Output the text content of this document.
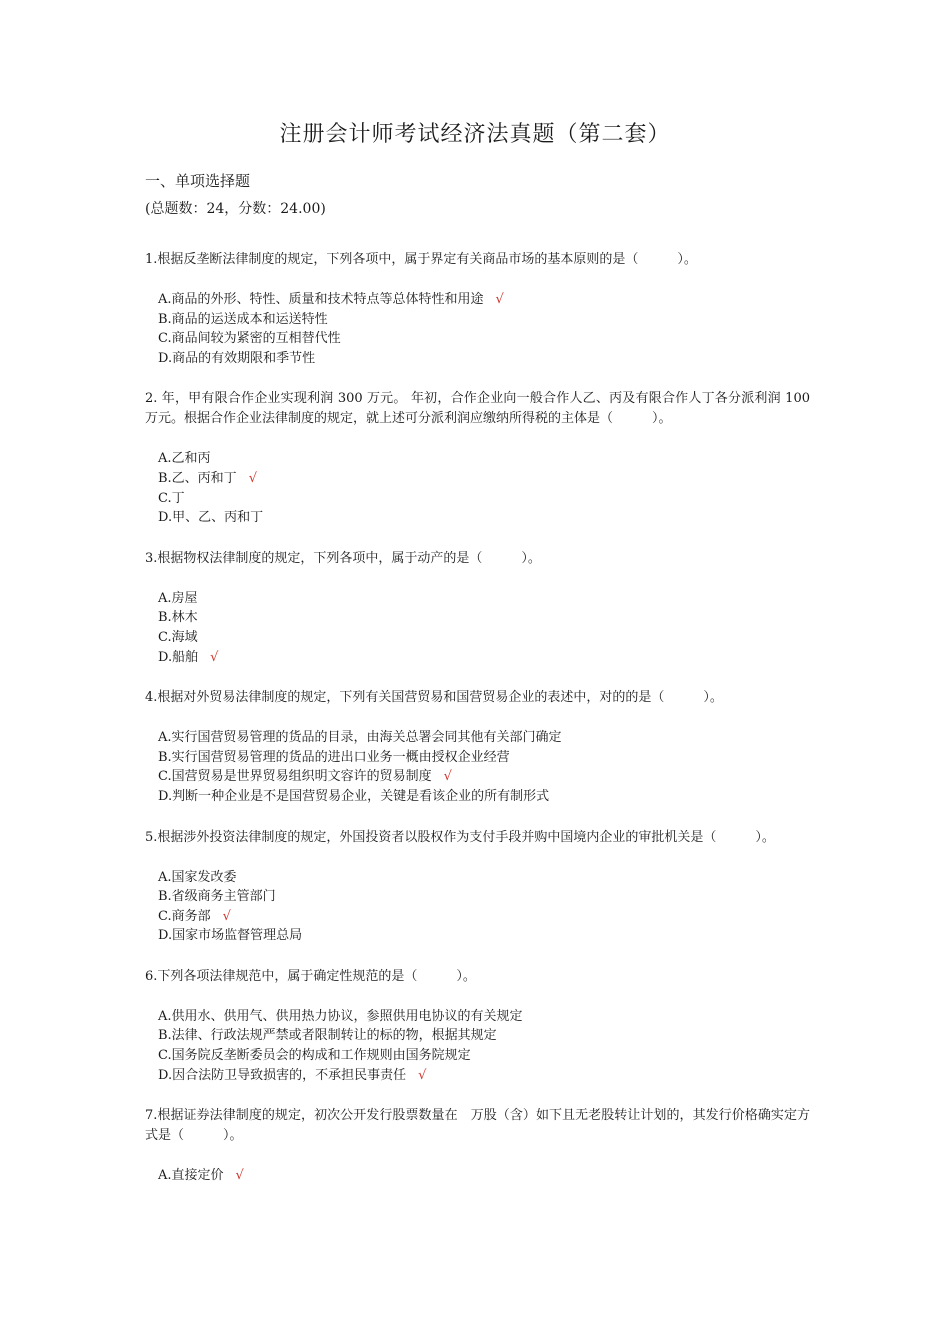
注册会计师考试经济法真题（第二套）
一、单项选择题

(总题数：24，分数：24.00)

1.根据反垄断法律制度的规定，下列各项中，属于界定有关商品市场的基本原则的是（　　　）。

A.商品的外形、特性、质量和技术特点等总体特性和用途 √
B.商品的运送成本和运送特性
C.商品间较为紧密的互相替代性
D.商品的有效期限和季节性

2. 年，甲有限合作企业实现利润 300 万元。 年初，合作企业向一般合作人乙、丙及有限合作人丁各分派利润 100 万元。根据合作企业法律制度的规定，就上述可分派利润应缴纳所得税的主体是（　　　）。

A.乙和丙
B.乙、丙和丁 √
C.丁
D.甲、乙、丙和丁

3.根据物权法律制度的规定，下列各项中，属于动产的是（　　　）。

A.房屋
B.林木
C.海域
D.船舶 √

4.根据对外贸易法律制度的规定，下列有关国营贸易和国营贸易企业的表述中，对的的是（　　　）。

A.实行国营贸易管理的货品的目录，由海关总署会同其他有关部门确定
B.实行国营贸易管理的货品的进出口业务一概由授权企业经营
C.国营贸易是世界贸易组织明文容许的贸易制度 √
D.判断一种企业是不是国营贸易企业，关键是看该企业的所有制形式

5.根据涉外投资法律制度的规定，外国投资者以股权作为支付手段并购中国境内企业的审批机关是（　　　）。

A.国家发改委
B.省级商务主管部门
C.商务部 √
D.国家市场监督管理总局

6.下列各项法律规范中，属于确定性规范的是（　　　）。

A.供用水、供用气、供用热力协议，参照供用电协议的有关规定
B.法律、行政法规严禁或者限制转让的标的物，根据其规定
C.国务院反垄断委员会的构成和工作规则由国务院规定
D.因合法防卫导致损害的，不承担民事责任 √

7.根据证券法律制度的规定，初次公开发行股票数量在　万股（含）如下且无老股转让计划的，其发行价格确实定方式是（　　　）。

A.直接定价 √
